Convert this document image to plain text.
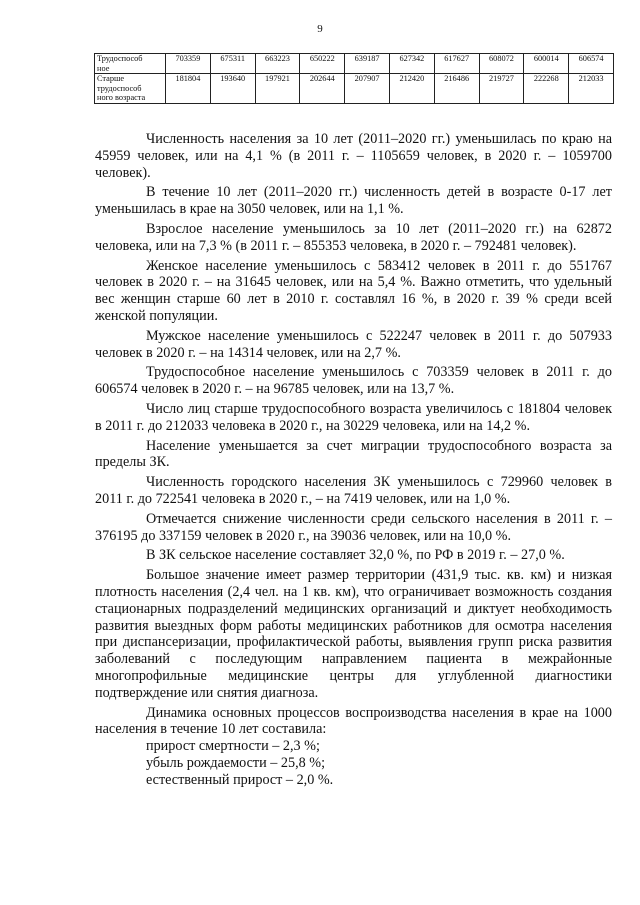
9
Трудоспособ
ное	703359	675311	663223	650222	639187	627342	617627	608072	600014	606574
Старше
трудоспособ
ного возраста	181804	193640	197921	202644	207907	212420	216486	219727	222268	212033

Численность населения за 10 лет (2011–2020 гг.) уменьшилась по краю на 45959 человек, или на 4,1 % (в 2011 г. – 1105659 человек, в 2020 г. – 1059700 человек).

В течение 10 лет (2011–2020 гг.) численность детей в возрасте 0-17 лет уменьшилась в крае на 3050 человек, или на 1,1 %.

Взрослое население уменьшилось за 10 лет (2011–2020 гг.) на 62872 человека, или на 7,3 % (в 2011 г. – 855353 человека, в 2020 г. – 792481 человек).

Женское население уменьшилось с 583412 человек в 2011 г. до 551767 человек в 2020 г. – на 31645 человек, или на 5,4 %. Важно отметить, что удельный вес женщин старше 60 лет в 2010 г. составлял 16 %, в 2020 г. 39 % среди всей женской популяции.

Мужское население уменьшилось с 522247 человек в 2011 г. до 507933 человек в 2020 г. – на 14314 человек, или на 2,7 %.

Трудоспособное население уменьшилось с 703359 человек в 2011 г. до 606574 человек в 2020 г. – на 96785 человек, или на 13,7 %.

Число лиц старше трудоспособного возраста увеличилось с 181804 человек в 2011 г. до 212033 человека в 2020 г., на 30229 человека, или на 14,2 %.

Население уменьшается за счет миграции трудоспособного возраста за пределы ЗК.

Численность городского населения ЗК уменьшилось с 729960 человек в 2011 г. до 722541 человека в 2020 г., – на 7419 человек, или на 1,0 %.

Отмечается снижение численности среди сельского населения в 2011 г. – 376195 до 337159 человек в 2020 г., на 39036 человек, или на 10,0 %.

В ЗК сельское население составляет 32,0 %, по РФ в 2019 г. – 27,0 %.

Большое значение имеет размер территории (431,9 тыс. кв. км) и низкая плотность населения (2,4 чел. на 1 кв. км), что ограничивает возможность создания стационарных подразделений медицинских организаций и диктует необходимость развития выездных форм работы медицинских работников для осмотра населения при диспансеризации, профилактической работы, выявления групп риска развития заболеваний с последующим направлением пациента в межрайонные многопрофильные медицинские центры для углубленной диагностики подтверждение или снятия диагноза.

Динамика основных процессов воспроизводства населения в крае на 1000 населения в течение 10 лет составила:

прирост смертности – 2,3 %;
убыль рождаемости – 25,8 %;
естественный прирост – 2,0 %.
